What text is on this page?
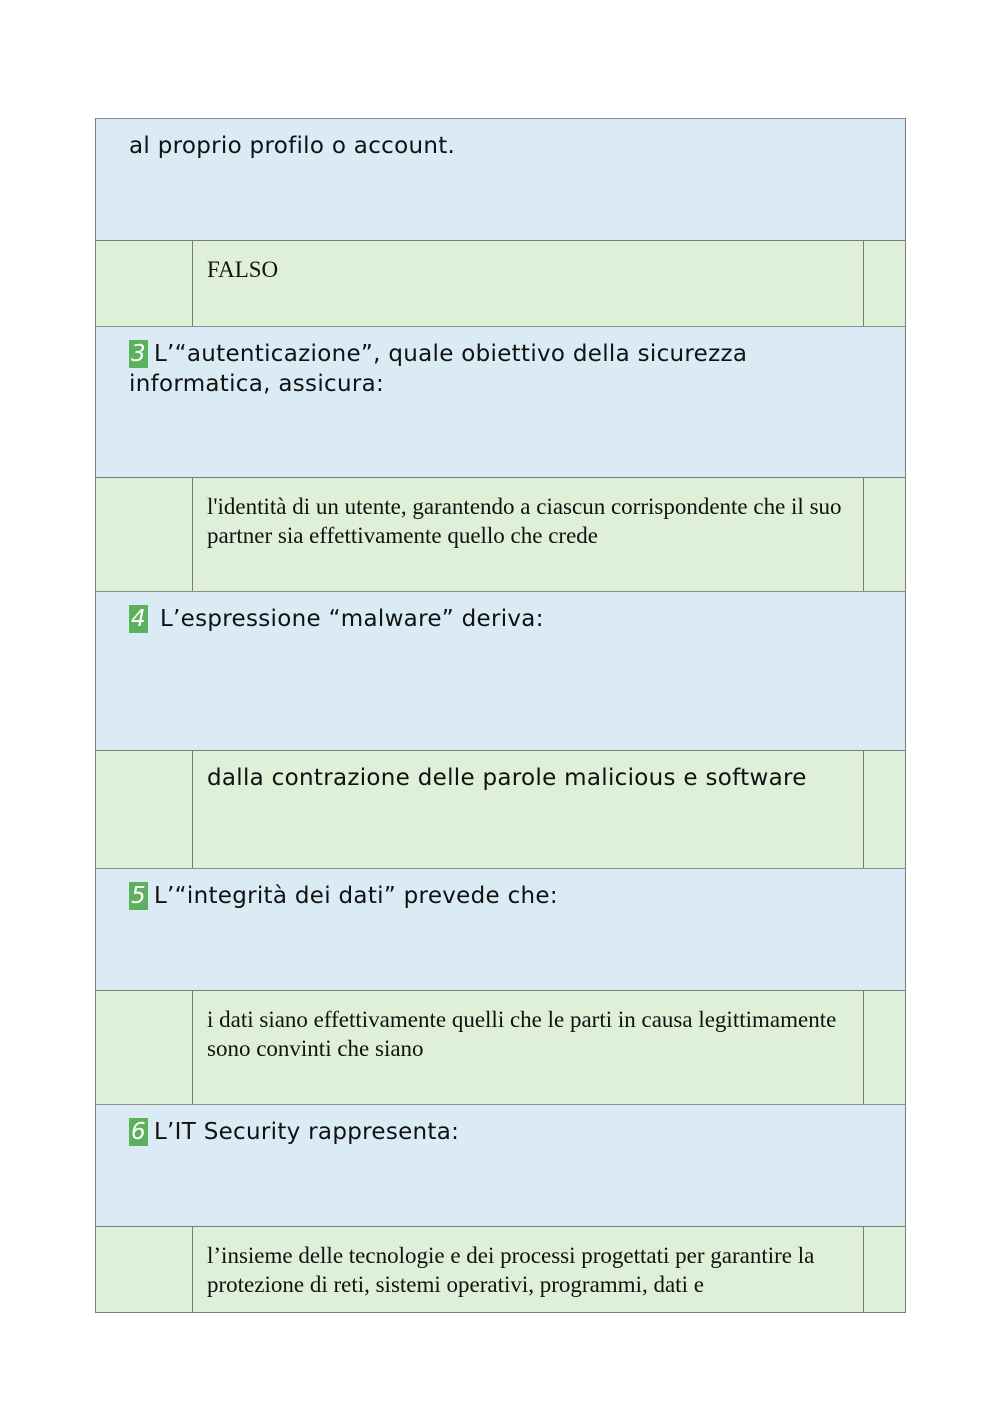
al proprio profilo o account.
FALSO
3 L’“autenticazione”, quale obiettivo della sicurezza informatica, assicura:
l'identità di un utente, garantendo a ciascun corrispondente che il suo partner sia effettivamente quello che crede
4 L’espressione “malware” deriva:
dalla contrazione delle parole malicious e software
5 L’“integrità dei dati” prevede che:
i dati siano effettivamente quelli che le parti in causa legittimamente sono convinti che siano
6 L’IT Security rappresenta:
l’insieme delle tecnologie e dei processi progettati per garantire la protezione di reti, sistemi operativi, programmi, dati e
